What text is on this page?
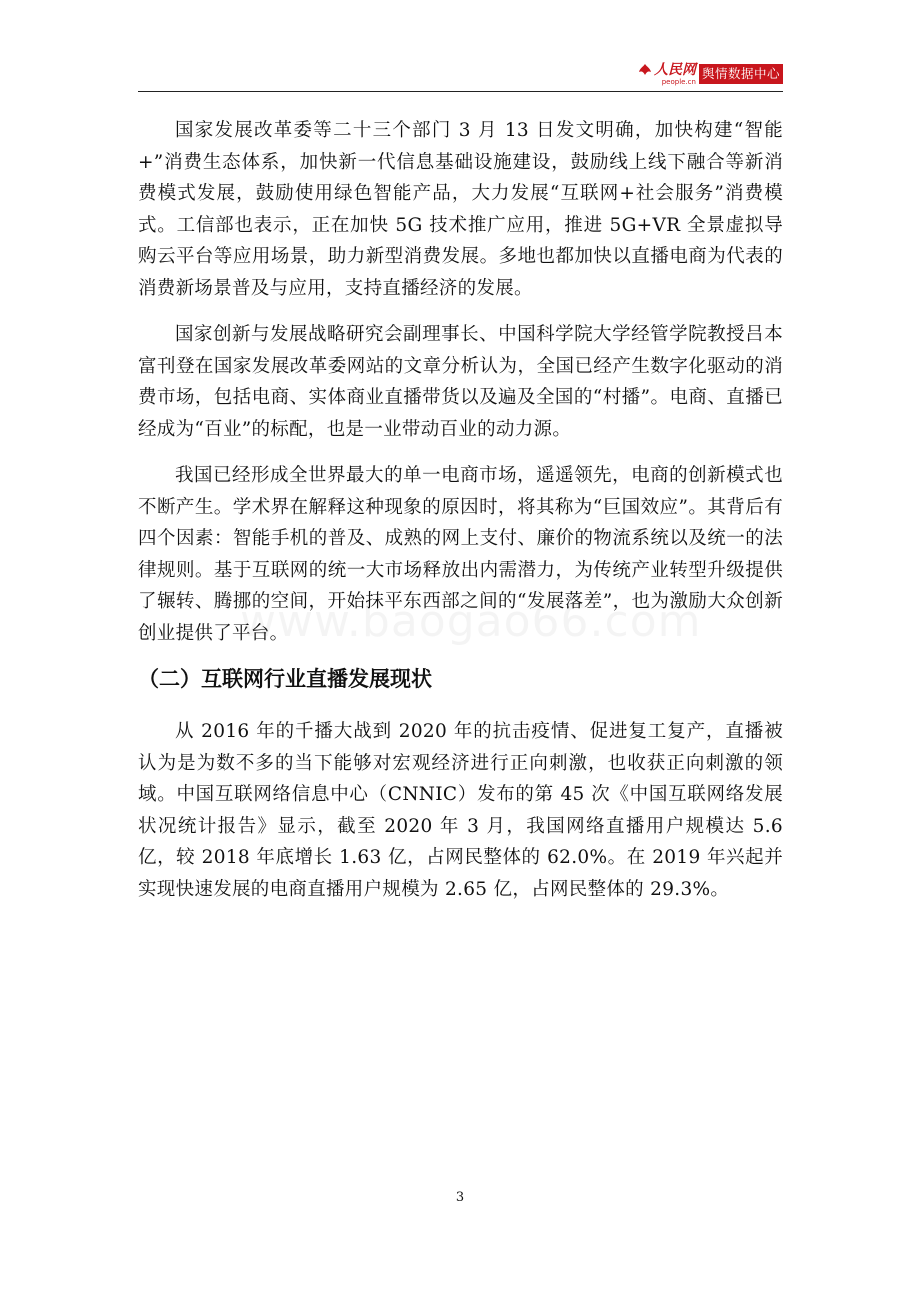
人民网
people.cn
舆情数据中心

国家发展改革委等二十三个部门 3 月 13 日发文明确，加快构建“智能+”消费生态体系，加快新一代信息基础设施建设，鼓励线上线下融合等新消费模式发展，鼓励使用绿色智能产品，大力发展“互联网+社会服务”消费模式。工信部也表示，正在加快 5G 技术推广应用，推进 5G+VR 全景虚拟导购云平台等应用场景，助力新型消费发展。多地也都加快以直播电商为代表的消费新场景普及与应用，支持直播经济的发展。

国家创新与发展战略研究会副理事长、中国科学院大学经管学院教授吕本富刊登在国家发展改革委网站的文章分析认为，全国已经产生数字化驱动的消费市场，包括电商、实体商业直播带货以及遍及全国的“村播”。电商、直播已经成为“百业”的标配，也是一业带动百业的动力源。

我国已经形成全世界最大的单一电商市场，遥遥领先，电商的创新模式也不断产生。学术界在解释这种现象的原因时，将其称为“巨国效应”。其背后有四个因素：智能手机的普及、成熟的网上支付、廉价的物流系统以及统一的法律规则。基于互联网的统一大市场释放出内需潜力，为传统产业转型升级提供了辗转、腾挪的空间，开始抹平东西部之间的“发展落差”，也为激励大众创新创业提供了平台。

（二）互联网行业直播发展现状

从 2016 年的千播大战到 2020 年的抗击疫情、促进复工复产，直播被认为是为数不多的当下能够对宏观经济进行正向刺激，也收获正向刺激的领域。中国互联网络信息中心（CNNIC）发布的第 45 次《中国互联网络发展状况统计报告》显示，截至 2020 年 3 月，我国网络直播用户规模达 5.6 亿，较 2018 年底增长 1.63 亿，占网民整体的 62.0%。在 2019 年兴起并实现快速发展的电商直播用户规模为 2.65 亿，占网民整体的 29.3%。

3
